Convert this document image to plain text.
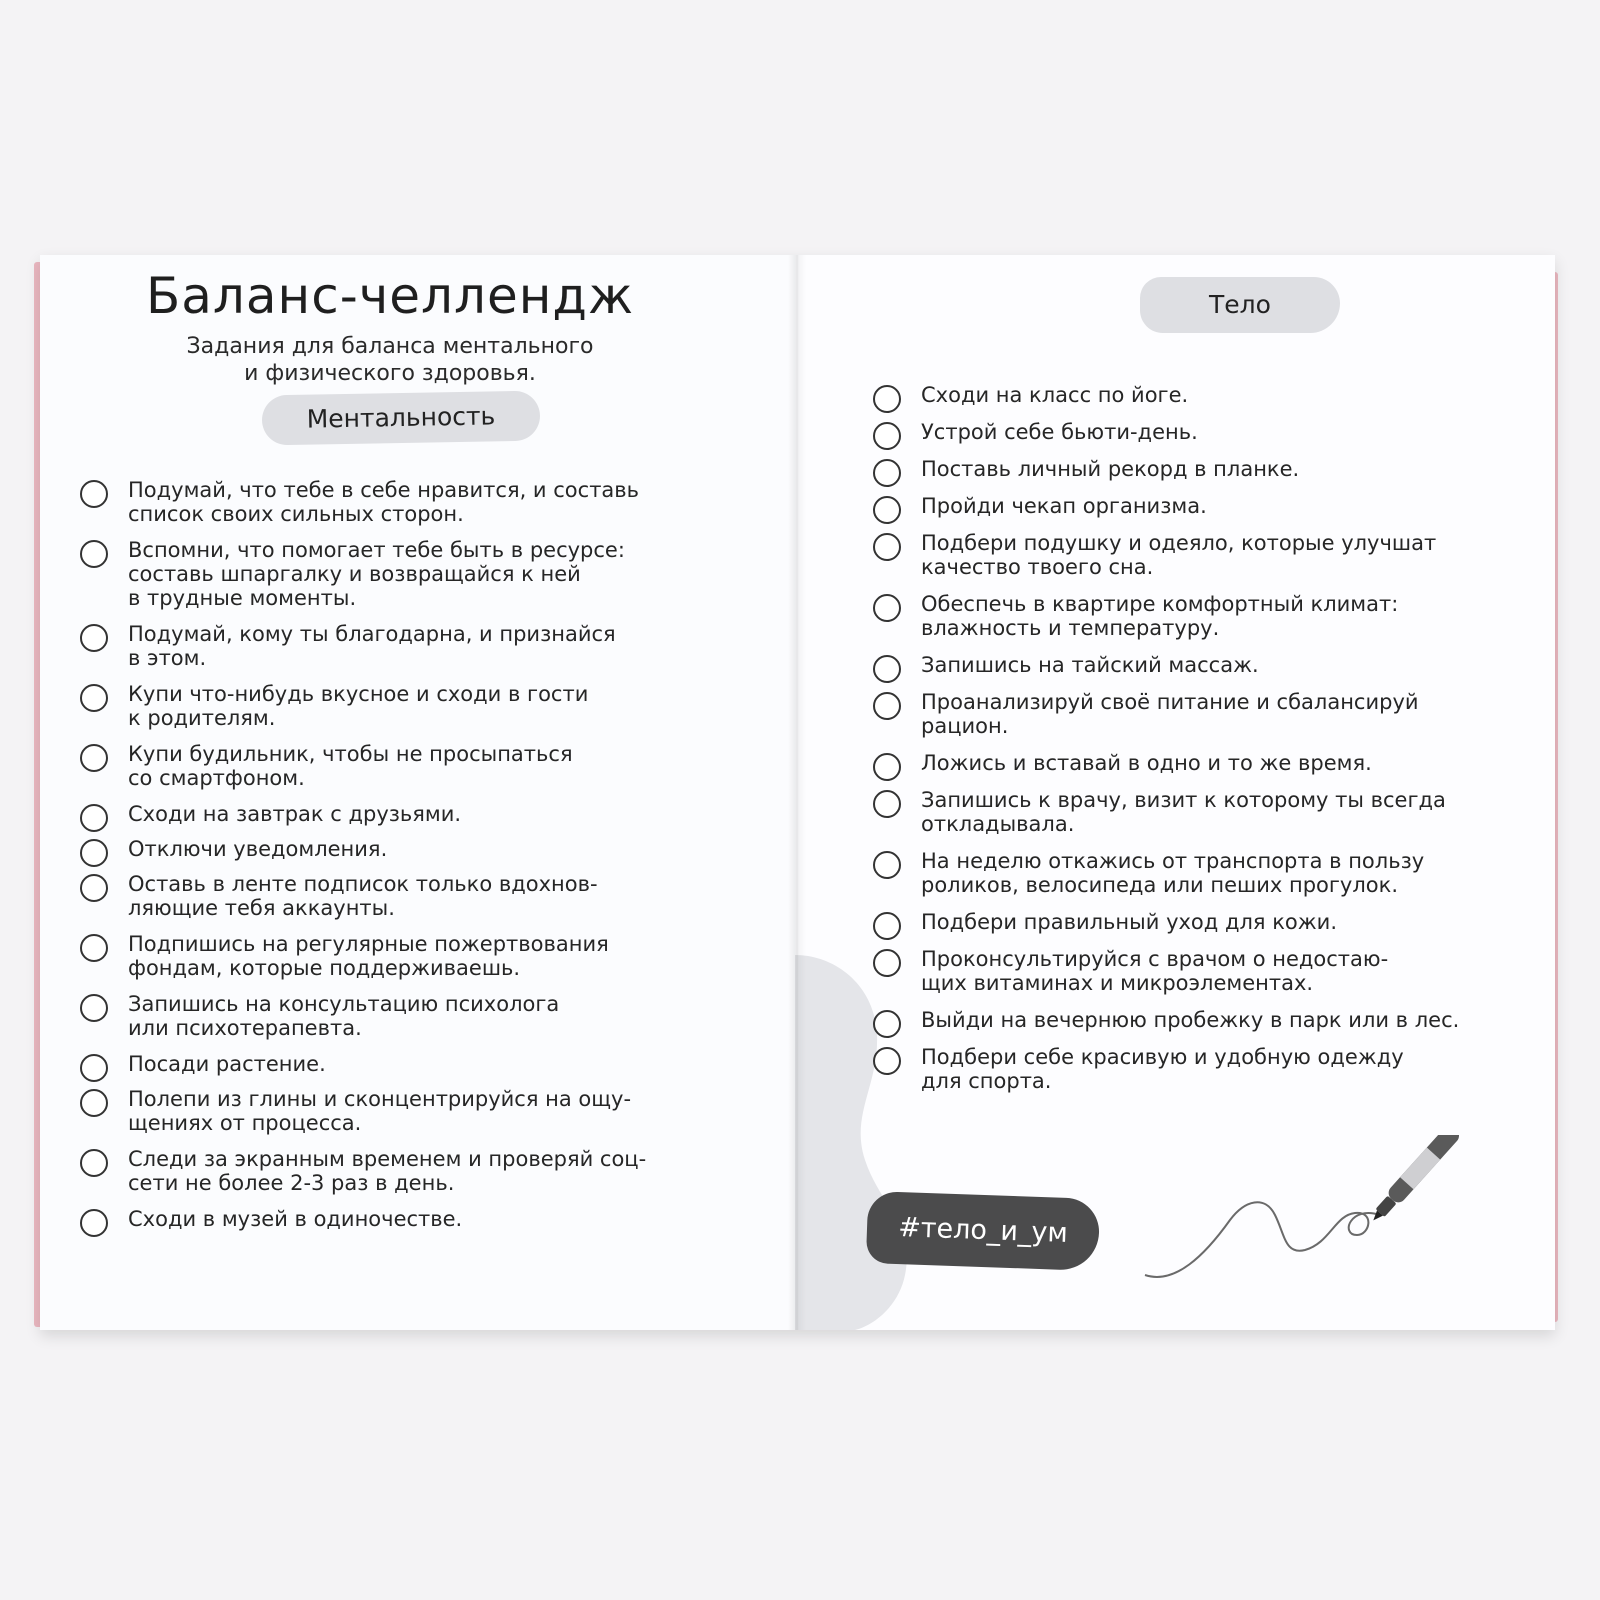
Баланс-челлендж
Задания для баланса ментального
и физического здоровья.
Ментальность
Подумай, что тебе в себе нравится, и составь
список своих сильных сторон.
Вспомни, что помогает тебе быть в ресурсе:
составь шпаргалку и возвращайся к ней
в трудные моменты.
Подумай, кому ты благодарна, и признайся
в этом.
Купи что-нибудь вкусное и сходи в гости
к родителям.
Купи будильник, чтобы не просыпаться
со смартфоном.
Сходи на завтрак с друзьями.
Отключи уведомления.
Оставь в ленте подписок только вдохнов-
ляющие тебя аккаунты.
Подпишись на регулярные пожертвования
фондам, которые поддерживаешь.
Запишись на консультацию психолога
или психотерапевта.
Посади растение.
Полепи из глины и сконцентрируйся на ощу-
щениях от процесса.
Следи за экранным временем и проверяй соц-
сети не более 2-3 раз в день.
Сходи в музей в одиночестве.
Тело
Сходи на класс по йоге.
Устрой себе бьюти-день.
Поставь личный рекорд в планке.
Пройди чекап организма.
Подбери подушку и одеяло, которые улучшат
качество твоего сна.
Обеспечь в квартире комфортный климат:
влажность и температуру.
Запишись на тайский массаж.
Проанализируй своё питание и сбалансируй
рацион.
Ложись и вставай в одно и то же время.
Запишись к врачу, визит к которому ты всегда
откладывала.
На неделю откажись от транспорта в пользу
роликов, велосипеда или пеших прогулок.
Подбери правильный уход для кожи.
Проконсультируйся с врачом о недостаю-
щих витаминах и микроэлементах.
Выйди на вечернюю пробежку в парк или в лес.
Подбери себе красивую и удобную одежду
для спорта.
#тело_и_ум
